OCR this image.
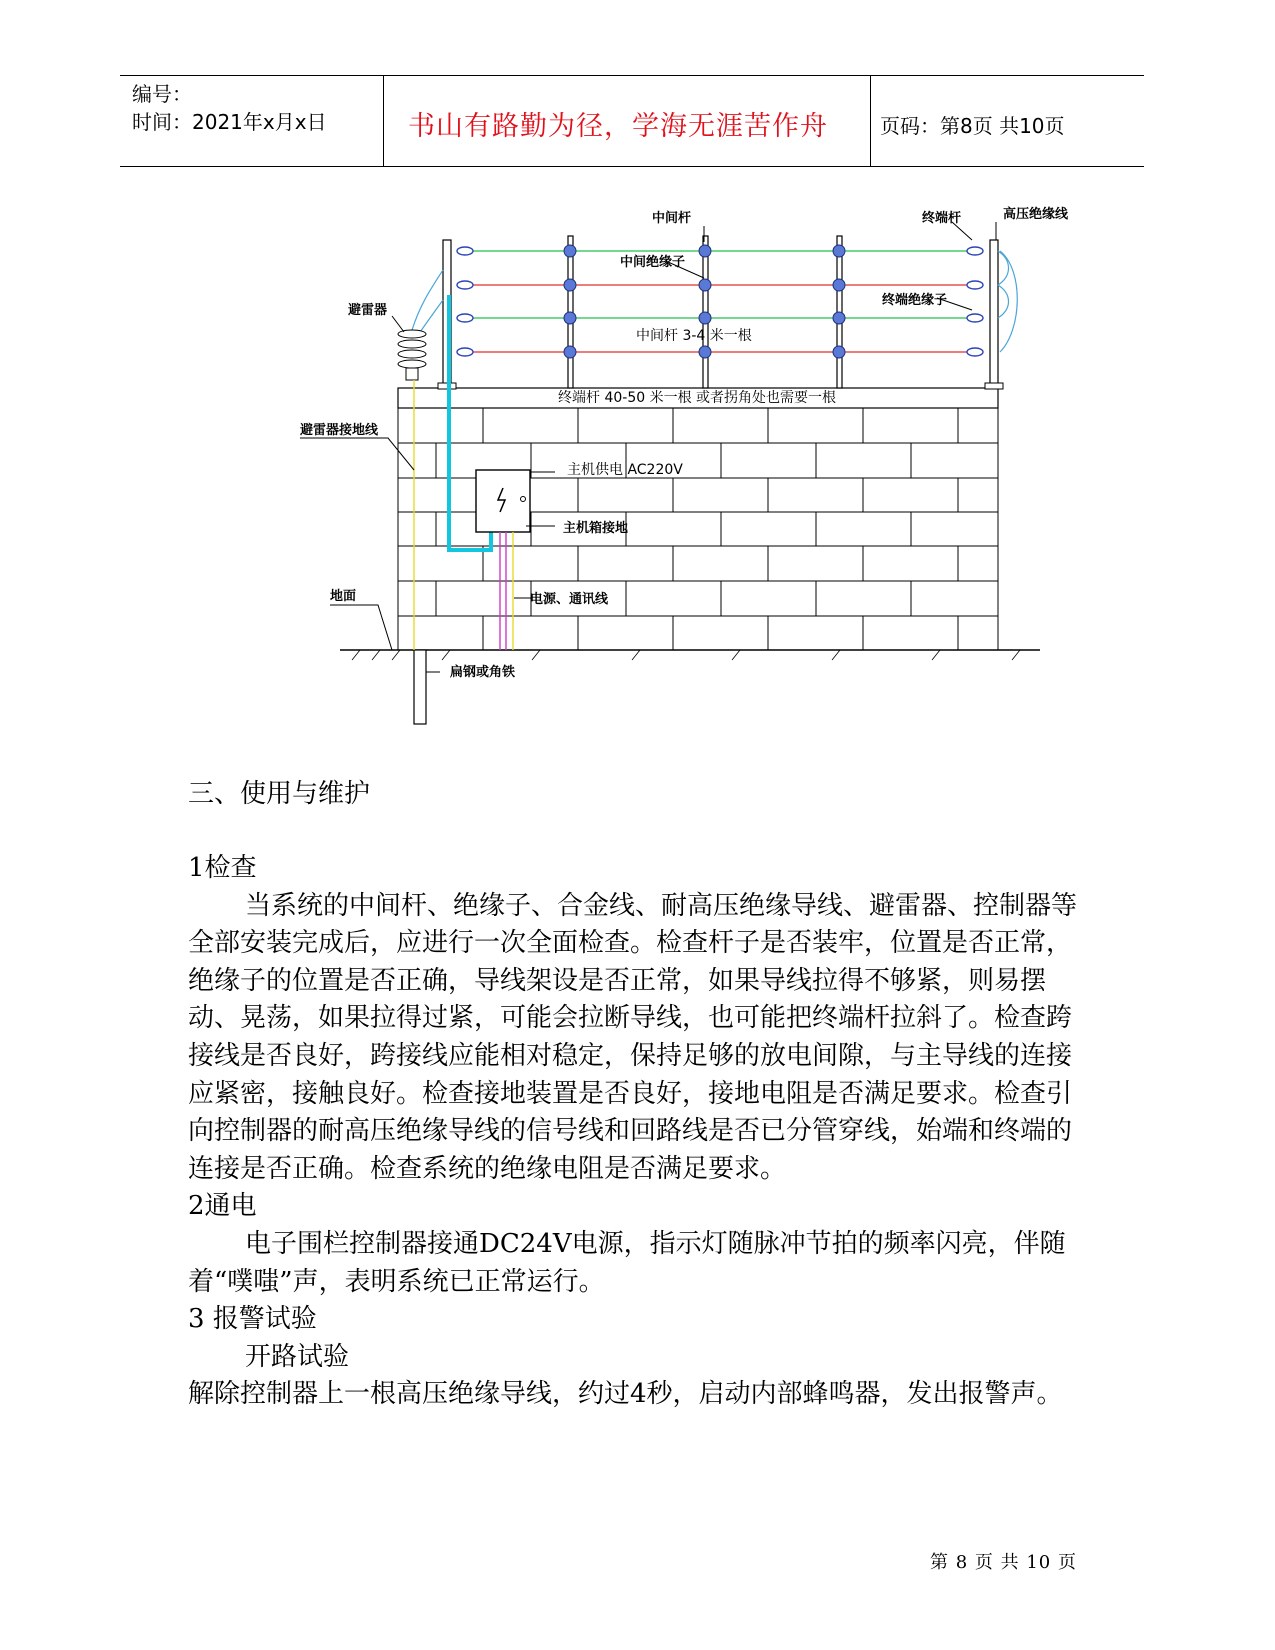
编号：
时间：2021年x月x日	书山有路勤为径，学海无涯苦作舟	页码：第8页 共10页
中间杆	终端杆	高压绝缘线
中间绝缘子
终端绝缘子
避雷器
中间杆 3-4 米一根
终端杆 40-50 米一根 或者拐角处也需要一根
避雷器接地线
主机供电 AC220V
主机箱接地
地面	电源、通讯线
扁钢或角铁
三、使用与维护

1检查

当系统的中间杆、绝缘子、合金线、耐高压绝缘导线、避雷器、控制器等全部安装完成后，应进行一次全面检查。检查杆子是否装牢，位置是否正常，绝缘子的位置是否正确，导线架设是否正常，如果导线拉得不够紧，则易摆动、晃荡，如果拉得过紧，可能会拉断导线，也可能把终端杆拉斜了。检查跨接线是否良好，跨接线应能相对稳定，保持足够的放电间隙，与主导线的连接应紧密，接触良好。检查接地装置是否良好，接地电阻是否满足要求。检查引向控制器的耐高压绝缘导线的信号线和回路线是否已分管穿线，始端和终端的连接是否正确。检查系统的绝缘电阻是否满足要求。

2通电

电子围栏控制器接通DC24V电源，指示灯随脉冲节拍的频率闪亮，伴随着“噗嗤”声，表明系统已正常运行。

3 报警试验

开路试验

解除控制器上一根高压绝缘导线，约过4秒，启动内部蜂鸣器，发出报警声。

第 8 页 共 10 页
